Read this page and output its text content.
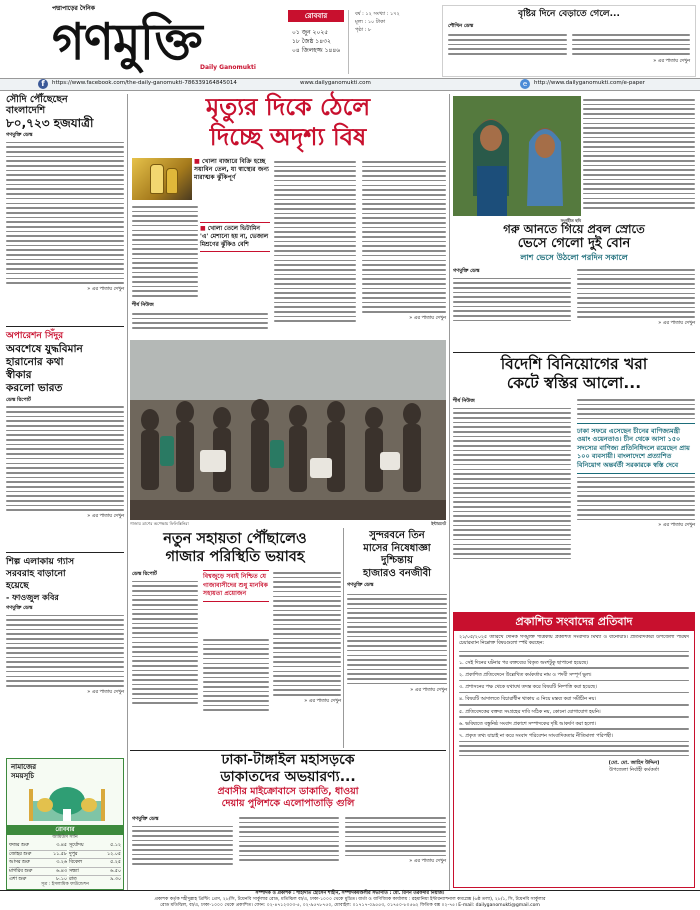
পদ্মাপাড়ের দৈনিক
গণমুক্তি
Daily Ganomukti
রোববার
০১ জুন ২০২৫
১৮ জৈষ্ঠ ১৪৩২
০৪ জিলহজ্জ ১৪৪৬
বর্ষ : ১২ সংখ্যা : ১৭২
মূল্য : ১০ টাকা
পৃষ্ঠা : ৮
বৃষ্টির দিনে বেড়াতে গেলে...
শৌখিন ডেস্ক
» এর পাতায় দেখুন
f	https://www.facebook.com/the-daily-ganomukti-786339164845014	www.dailyganomukti.com	e	http://www.dailyganomukti.com/e-paper
সৌদি পৌঁছেছেন
বাংলাদেশি
৮০,৭২৩ হজযাত্রী
গণমুক্তি ডেস্ক
» এর পাতায় দেখুন
অপারেশন সিঁদুর
অবশেষে যুদ্ধবিমান
হারানোর কথা
স্বীকার
করলো ভারত
ডেস্ক রিপোর্ট
» এর পাতায় দেখুন
শিল্প এলাকায় গ্যাস
সরবরাহ বাড়ানো
হয়েছে
- ফাওজুল কবির
গণমুক্তি ডেস্ক
» এর পাতায় দেখুন
নামাজের
সময়সূচি
রোববার
জামিউস সানি
ফজর শুরু	৩.৪৫
জোহর শুরু	১১.৫৮
আসর শুরু	৩.২৬
মাগরিব শুরু	৬.৪৩
এশা শুরু	৮.১০
সূর্যোদয়	৫.১২
দুপুর	১২.০৫
বিকেল	৫.২৫
সন্ধ্যা	৬.৫০
রাত	৯.৩০
সূত্র : ইসলামিক ফাউন্ডেশন
মৃত্যুর দিকে ঠেলে
দিচ্ছে অদৃশ্য বিষ
■ খোলা বাজারে বিক্রি হচ্ছে সয়াবিন তেল, যা স্বাস্থ্যের জন্য মারাত্মক ঝুঁকিপূর্ণ
■ খোলা তেলে ভিটামিন 'এ' মেশানো হয় না, ভেজাল মিশ্রণের ঝুঁকিও বেশি
শীর্ষ নিউজ
» এর পাতায় দেখুন
গাজায় ত্রাণের অপেক্ষায় ফিলিস্তিনিরা	ইন্টারনেট
নতুন সহায়তা পৌঁছালেও
গাজার পরিস্থিতি ভয়াবহ
ডেস্ক রিপোর্ট	বিশ্বজুড়ে সবাই নিশ্চিত যে গাজাবাসীদের শুধু মানবিক সহায়তা প্রয়োজন
» এর পাতায় দেখুন
সুন্দরবনে তিন
মাসের নিষেধাজ্ঞা
দুশ্চিন্তায়
হাজারও বনজীবী
গণমুক্তি ডেস্ক
» এর পাতায় দেখুন
ঢাকা-টাঙ্গাইল মহাসড়কে
ডাকাতদের অভয়ারণ্য...
প্রবাসীর মাইক্রোবাসে ডাকাতি, ধাওয়া
দেয়ায় পুলিশকে এলোপাতাড়ি গুলি
গণমুক্তি ডেস্ক
» এর পাতায় দেখুন
সংগৃহীত ছবি
গরু আনতে গিয়ে প্রবল স্রোতে
ভেসে গেলো দুই বোন
লাশ ভেসে উঠলো পরদিন সকালে
গণমুক্তি ডেস্ক
» এর পাতায় দেখুন
বিদেশি বিনিয়োগের খরা
কেটে স্বস্তির আলো...
শীর্ষ নিউজ
ঢাকা সফরে এসেছেন চীনের বাণিজ্যমন্ত্রী ওয়াং ওয়েনতাও। চীন থেকে আসা ১৫০ সদস্যের বাণিজ্য প্রতিনিধিদলে রয়েছেন প্রায় ১০০ ব্যবসায়ী। বাংলাদেশে প্রত্যাশিত বিনিয়োগ অন্তর্বর্তী সরকারকে স্বস্তি দেবে
» এর পাতায় দেখুন
প্রকাশিত সংবাদের প্রতিবাদ
২১/০৫/২০২৫ তারিখে দৈনিক গণমুক্তি পত্রিকায় প্রকাশিত সংবাদটি মিথ্যা ও বানোয়াট। প্রতিবাদকারী উপজেলা পরিষদ চেয়ারম্যান নিম্নোক্ত বিষয়গুলো স্পষ্ট করছেন:
১. সেই দিনের ঘটনার পর বক্তব্যের বিকৃত অংশটুকু ছাপানো হয়েছে।
২. প্রকাশিত প্রতিবেদনে উল্লেখিত কর্মকর্তার নাম ও পদবী সম্পূর্ণ ভুল।
৩. প্রশাসনের পক্ষ থেকে যথাযথ তদন্ত করে বিষয়টি নিষ্পত্তি করা হয়েছে।
৪. বিষয়টি আদালতে বিচারাধীন থাকায় এ নিয়ে মন্তব্য করা সমীচীন নয়।
৫. প্রতিবেদকের বক্তব্য সংগ্রহের দাবি সঠিক নয়, কোনো যোগাযোগ হয়নি।
৬. ভবিষ্যতে বস্তুনিষ্ঠ সংবাদ প্রকাশে সম্পাদকের দৃষ্টি আকর্ষণ করা হলো।
৭. প্রকৃত তথ্য যাচাই না করে সংবাদ পরিবেশন সাংবাদিকতার নীতিমালা পরিপন্থী।
(মো. মো. জাহিদ উদ্দিন)
উপজেলা নির্বাহী কর্মকর্তা
সম্পাদক ও প্রকাশক : শাহাদাত হোসেন শাহীন, সম্পাদকমণ্ডলীর সভাপতি : মো. রিপন তরফদার নিয়াজ।
প্রকাশক কর্তৃক শহীদুল্লাহ প্রিন্টিং প্রেস, ২৮/সি, টয়েনবি সার্কুলার রোড, মতিঝিল বা/এ, ঢাকা-১০০০ থেকে মুদ্রিত। বার্তা ও বাণিজ্যিক কার্যালয় : রহমানিয়া ইন্টারন্যাশনাল কমপ্লেক্স (৬ষ্ঠ তলা), ২৮/১, সি, টয়েনবি সার্কুলার
রোড মতিঝিল, বা/এ, ঢাকা-১০০০ থেকে প্রকাশিত। ফোন: ০২-৪৭১২৩০৩-৫, ০২-৯৫৭৮৭৫০, মোবাইল: ০১৭১৭-০৯৫৫৩, ০১৭৫০-৮০৫৬২ ফিতিক বক্স ০২-৭৫। E-mail: dailyganomukti@gmail.com
